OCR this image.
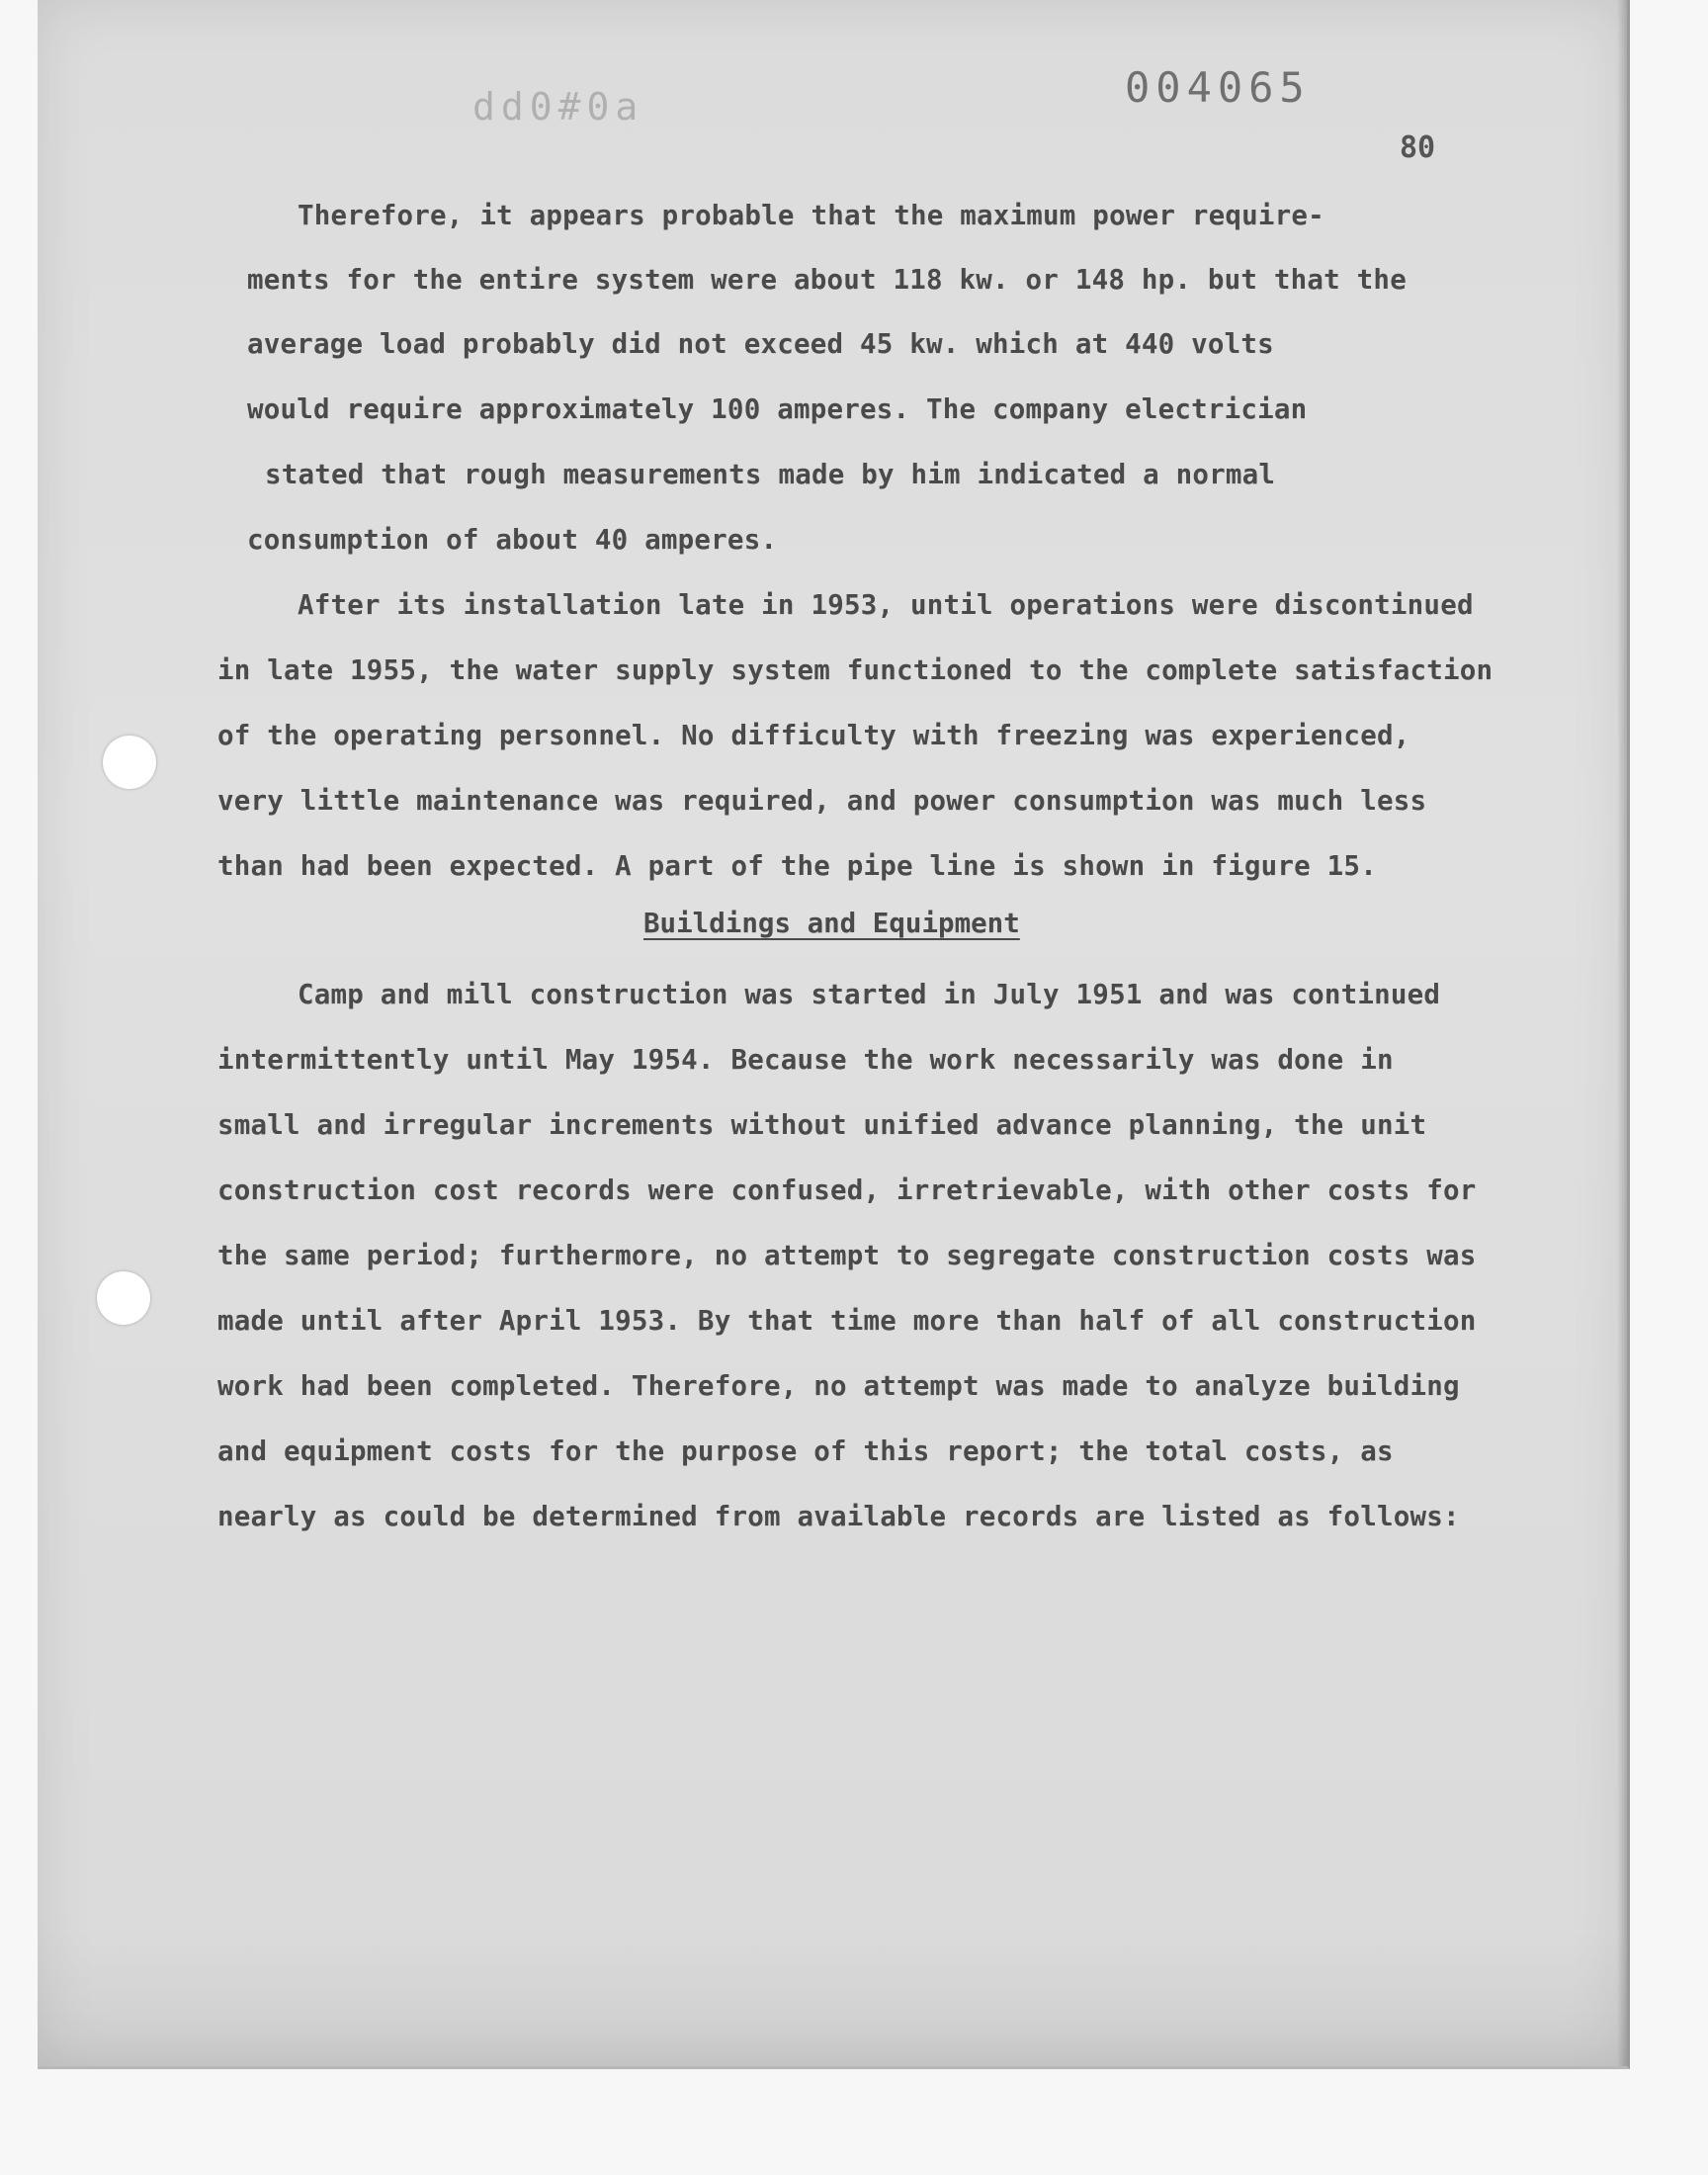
dd0#0a	004065
80
Therefore, it appears probable that the maximum power require-
ments for the entire system were about 118 kw. or 148 hp. but that the
average load probably did not exceed 45 kw. which at 440 volts
would require approximately 100 amperes. The company electrician
stated that rough measurements made by him indicated a normal
consumption of about 40 amperes.
After its installation late in 1953, until operations were discontinued
in late 1955, the water supply system functioned to the complete satisfaction
of the operating personnel. No difficulty with freezing was experienced,
very little maintenance was required, and power consumption was much less
than had been expected. A part of the pipe line is shown in figure 15.
Buildings and Equipment
Camp and mill construction was started in July 1951 and was continued
intermittently until May 1954. Because the work necessarily was done in
small and irregular increments without unified advance planning, the unit
construction cost records were confused, irretrievable, with other costs for
the same period; furthermore, no attempt to segregate construction costs was
made until after April 1953. By that time more than half of all construction
work had been completed. Therefore, no attempt was made to analyze building
and equipment costs for the purpose of this report; the total costs, as
nearly as could be determined from available records are listed as follows:
